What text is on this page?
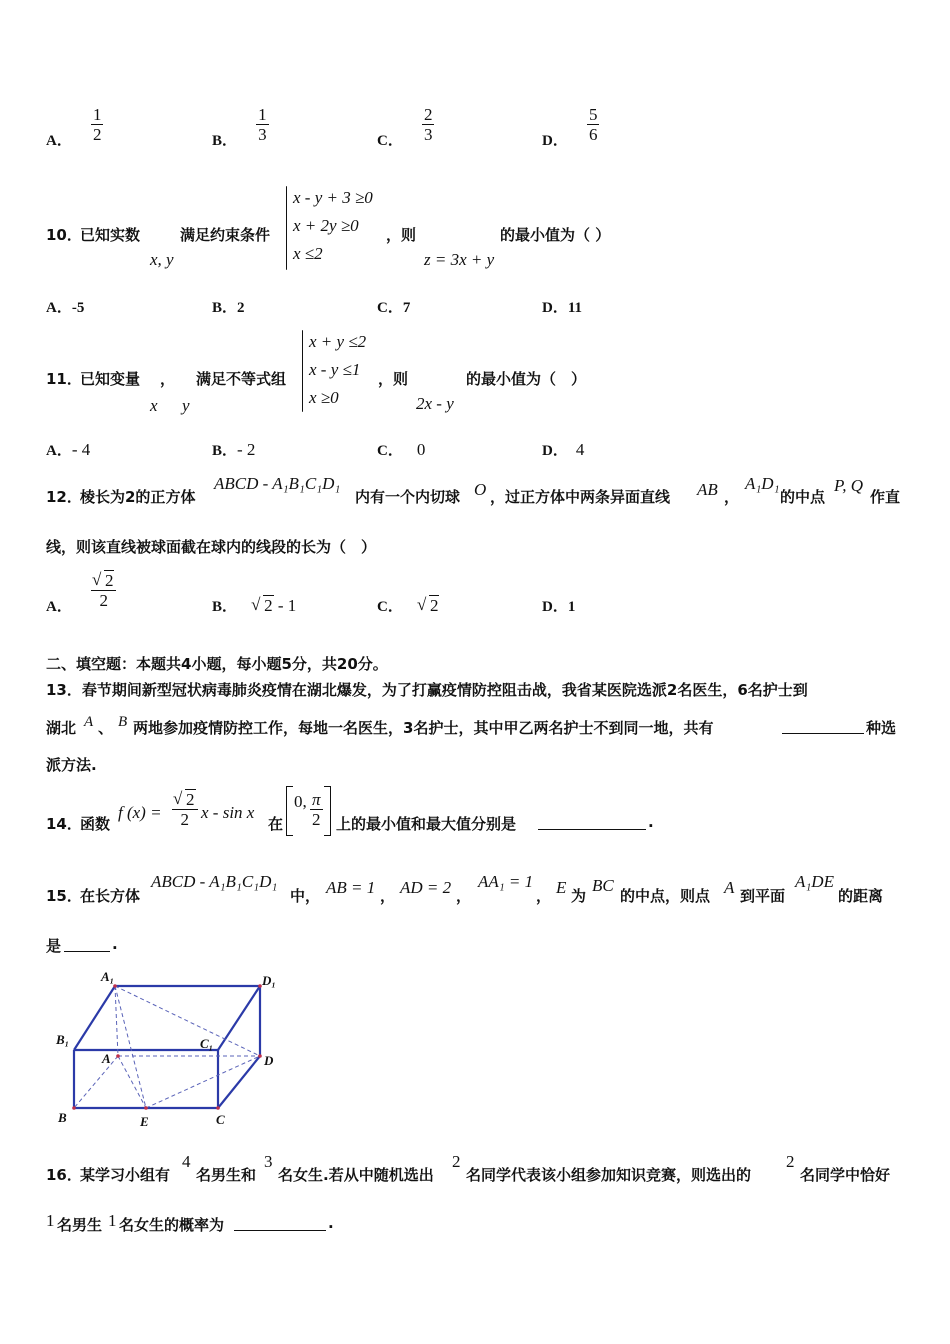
A． $\frac{1}{2}$	B． $\frac{1}{3}$	C． $\frac{2}{3}$	D． $\frac{5}{6}$
10．
已知实数
x, y
满足约束条件
x - y + 3 ≥0
x + 2y ≥0
x ≤2
，则
z = 3x + y
的最小值为（ ）
A．-5	B．2	C．7	D．11
11．
已知变量
x
，
y
满足不等式组
x + y ≤2
x - y ≤1
x ≥0
，则
2x - y
的最小值为（　）
A．- 4	B．- 2	C． 0	D． 4
12．
棱长为2的正方体
ABCD - A₁B₁C₁D₁
内有一个内切球 O ，过正方体中两条异面直线 AB ，
A₁D₁
的中点
P, Q
作直
线，则该直线被球面截在球内的线段的长为（　）
A． √ $\frac{2}{2}$	B． √ 2 - 1	C． √ 2	D．1
二、填空题：本题共4小题，每小题5分，共20分。
13．春节期间新型冠状病毒肺炎疫情在湖北爆发，为了打赢疫情防控阻击战，我省某医院选派2名医生，6名护士到
湖北 A 、 B 两地参加疫情防控工作，每地一名医生，3名护士，其中甲乙两名护士不到同一地，共有	种选
派方法.
14．
函数
f (x) = √ $\frac{2}{2}$ x - sin x
在
0, $\frac{\pi}{2}$ 上的最小值和最大值分别是	.
15．
在长方体
ABCD - A₁B₁C₁D₁
中， AB = 1 ， AD = 2 ，
AA₁ = 1
， E 为
BC
的中点，则点 A 到平面
A₁DE
的距离
是	.
A₁	D₁
B₁	C₁
A	D
B	C
E
16．
某学习小组有
4
名男生和
3
名女生.若从中随机选出
2
名同学代表该小组参加知识竞赛，则选出的
2
名同学中恰好
1 名男生 1 名女生的概率为	.
